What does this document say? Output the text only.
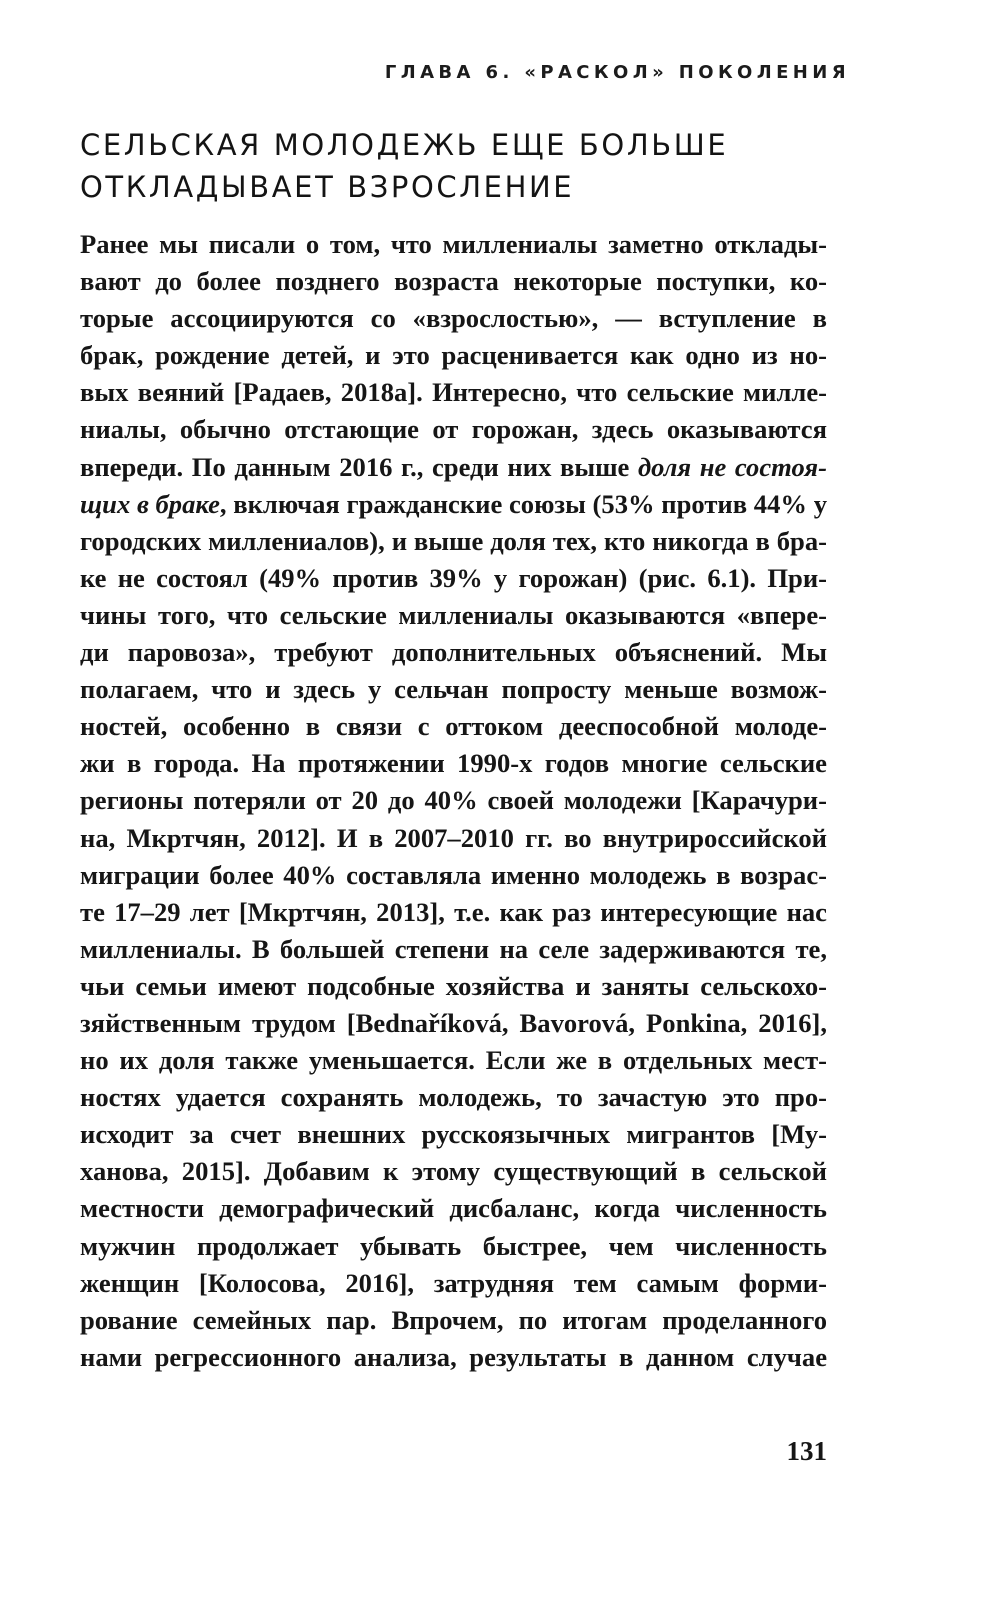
ГЛАВА 6. «РАСКОЛ» ПОКОЛЕНИЯ
СЕЛЬСКАЯ МОЛОДЕЖЬ ЕЩЕ БОЛЬШЕ
ОТКЛАДЫВАЕТ ВЗРОСЛЕНИЕ
Ранее мы писали о том, что миллениалы заметно отклады-
вают до более позднего возраста некоторые поступки, ко-
торые ассоциируются со «взрослостью», — вступление в
брак, рождение детей, и это расценивается как одно из но-
вых веяний [Радаев, 2018а]. Интересно, что сельские милле-
ниалы, обычно отстающие от горожан, здесь оказываются
впереди. По данным 2016 г., среди них выше доля не состоя-
щих в браке, включая гражданские союзы (53% против 44% у
городских миллениалов), и выше доля тех, кто никогда в бра-
ке не состоял (49% против 39% у горожан) (рис. 6.1). При-
чины того, что сельские миллениалы оказываются «впере-
ди паровоза», требуют дополнительных объяснений. Мы
полагаем, что и здесь у сельчан попросту меньше возмож-
ностей, особенно в связи с оттоком дееспособной молоде-
жи в города. На протяжении 1990-х годов многие сельские
регионы потеряли от 20 до 40% своей молодежи [Карачури-
на, Мкртчян, 2012]. И в 2007–2010 гг. во внутрироссийской
миграции более 40% составляла именно молодежь в возрас-
те 17–29 лет [Мкртчян, 2013], т.е. как раз интересующие нас
миллениалы. В большей степени на селе задерживаются те,
чьи семьи имеют подсобные хозяйства и заняты сельскохо-
зяйственным трудом [Bednaříková, Bavorová, Ponkina, 2016],
но их доля также уменьшается. Если же в отдельных мест-
ностях удается сохранять молодежь, то зачастую это про-
исходит за счет внешних русскоязычных мигрантов [Му-
ханова, 2015]. Добавим к этому существующий в сельской
местности демографический дисбаланс, когда численность
мужчин продолжает убывать быстрее, чем численность
женщин [Колосова, 2016], затрудняя тем самым форми-
рование семейных пар. Впрочем, по итогам проделанного
нами регрессионного анализа, результаты в данном случае
131
